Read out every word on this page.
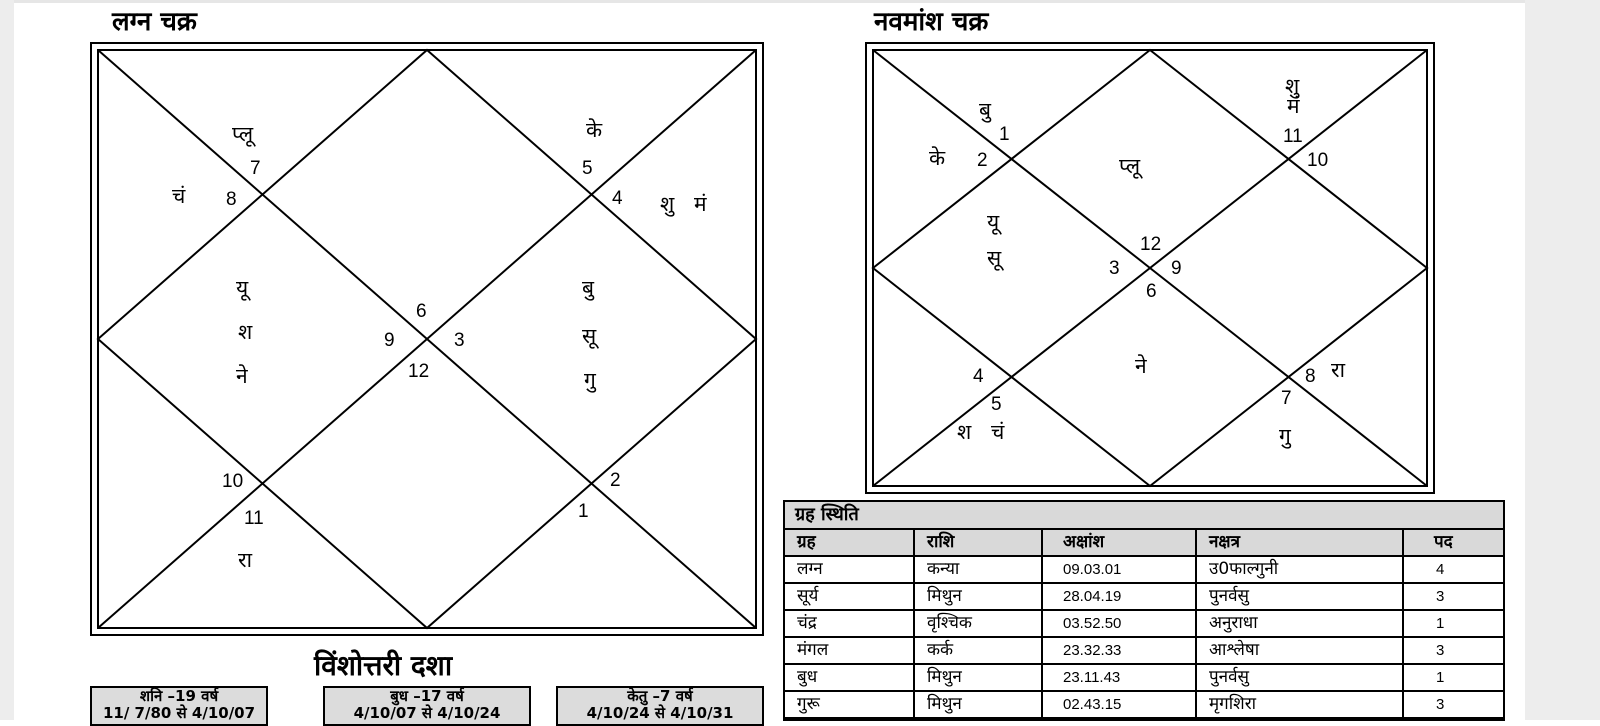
लग्न चक्र
7
8
5
4
6
9	3
12
10
11
2
1
प्लू
चं
के
शु मं
यू
श
ने
बु
सू
गु
रा
नवमांश चक्र
1
2
11
10
12
3	9
6
4
5
8
7
बु
के
शु
मं
प्लू
यू
सू
ने	रा
श चं	गु
विंशोत्तरी दशा
शनि –19 वर्ष
11/ 7/80 से 4/10/07
बुध –17 वर्ष
4/10/07 से 4/10/24
केतु –7 वर्ष
4/10/24 से 4/10/31
ग्रह स्थिति
ग्रह	राशि	अक्षांश	नक्षत्र	पद
लग्न	कन्या	09.03.01	उ0फाल्गुनी	4
सूर्य	मिथुन	28.04.19	पुनर्वसु	3
चंद्र	वृश्चिक	03.52.50	अनुराधा	1
मंगल	कर्क	23.32.33	आश्लेषा	3
बुध	मिथुन	23.11.43	पुनर्वसु	1
गुरू	मिथुन	02.43.15	मृगशिरा	3
